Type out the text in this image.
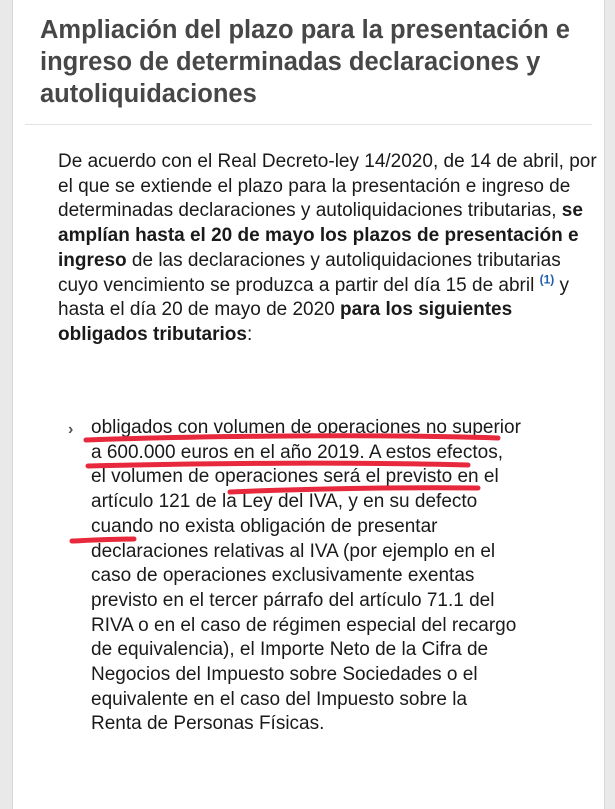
Ampliación del plazo para la presentación e ingreso de determinadas declaraciones y autoliquidaciones

De acuerdo con el Real Decreto-ley 14/2020, de 14 de abril, por el que se extiende el plazo para la presentación e ingreso de determinadas declaraciones y autoliquidaciones tributarias, se amplían hasta el 20 de mayo los plazos de presentación e ingreso de las declaraciones y autoliquidaciones tributarias cuyo vencimiento se produzca a partir del día 15 de abril $^{(1)}$ y hasta el día 20 de mayo de 2020 para los siguientes obligados tributarios:

› obligados con volumen de operaciones no superior a 600.000 euros en el año 2019. A estos efectos, el volumen de operaciones será el previsto en el artículo 121 de la Ley del IVA, y en su defecto cuando no exista obligación de presentar declaraciones relativas al IVA (por ejemplo en el caso de operaciones exclusivamente exentas previsto en el tercer párrafo del artículo 71.1 del RIVA o en el caso de régimen especial del recargo de equivalencia), el Importe Neto de la Cifra de Negocios del Impuesto sobre Sociedades o el equivalente en el caso del Impuesto sobre la Renta de Personas Físicas.
